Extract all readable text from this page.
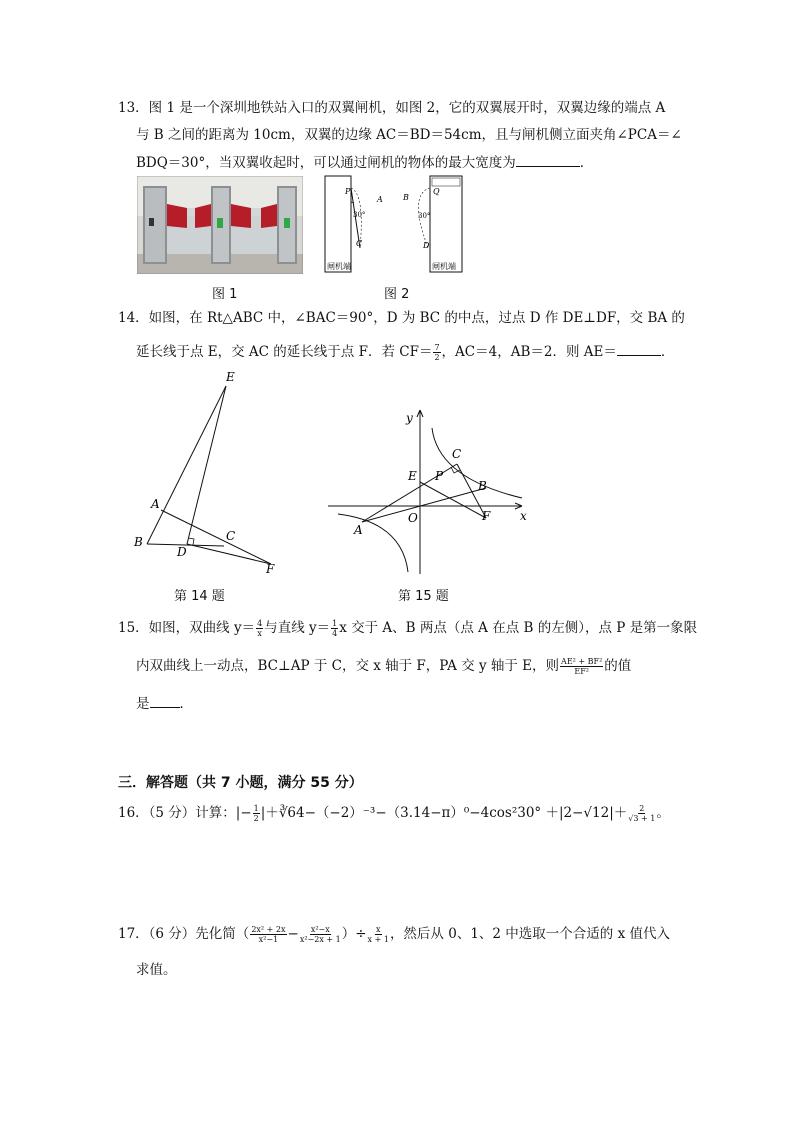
13．图 1 是一个深圳地铁站入口的双翼闸机，如图 2，它的双翼展开时，双翼边缘的端点 A
与 B 之间的距离为 10cm，双翼的边缘 AC＝BD＝54cm，且与闸机侧立面夹角∠PCA＝∠
BDQ＝30°，当双翼收起时，可以通过闸机的物体的最大宽度为	．
图 1
P
A
30°
C
闸机端
Q
B
30°
D
闸机端
图 2
14．如图，在 Rt△ABC 中，∠BAC＝90°，D 为 BC 的中点，过点 D 作 DE⊥DF，交 BA 的
延长线于点 E，交 AC 的延长线于点 F．若 $CF= \frac{7}{2}$ ，AC＝4，AB＝2．则 AE＝	．
E
A
B
D
C
F
第 14 题
y
x
O
C
E P
B
F
A
第 15 题
15．如图，双曲线 $y= \frac{4}{x}$ 与直线 $y= \frac{1}{4}$ x 交于 A、B 两点（点 A 在点 B 的左侧），点 P 是第一象限
内双曲线上一动点，BC⊥AP 于 C，交 x 轴于 F，PA 交 y 轴于 E，则 $\frac{\text{AE² + BF²}}{\text{EF²}}$ 的值
是 ．
三．解答题（共 7 小题，满分 55 分）
16．（5 分）计算：|− $\frac{1}{2}$ |＋∛64−（−2）⁻³−（3.14−π）⁰−4cos²30° $+|2-√12|+ \frac{2}{√3 + 1}$ 。
17．（6 分）先化简（ $\frac{\text{2x² + 2x}}{\text{x²−1}} - \frac{\text{x²−x}}{\text{x²−2x + 1}}$ ）÷ $\frac{x}{x + 1}$ ，然后从 0、1、2 中选取一个合适的 x 值代入
求值。
